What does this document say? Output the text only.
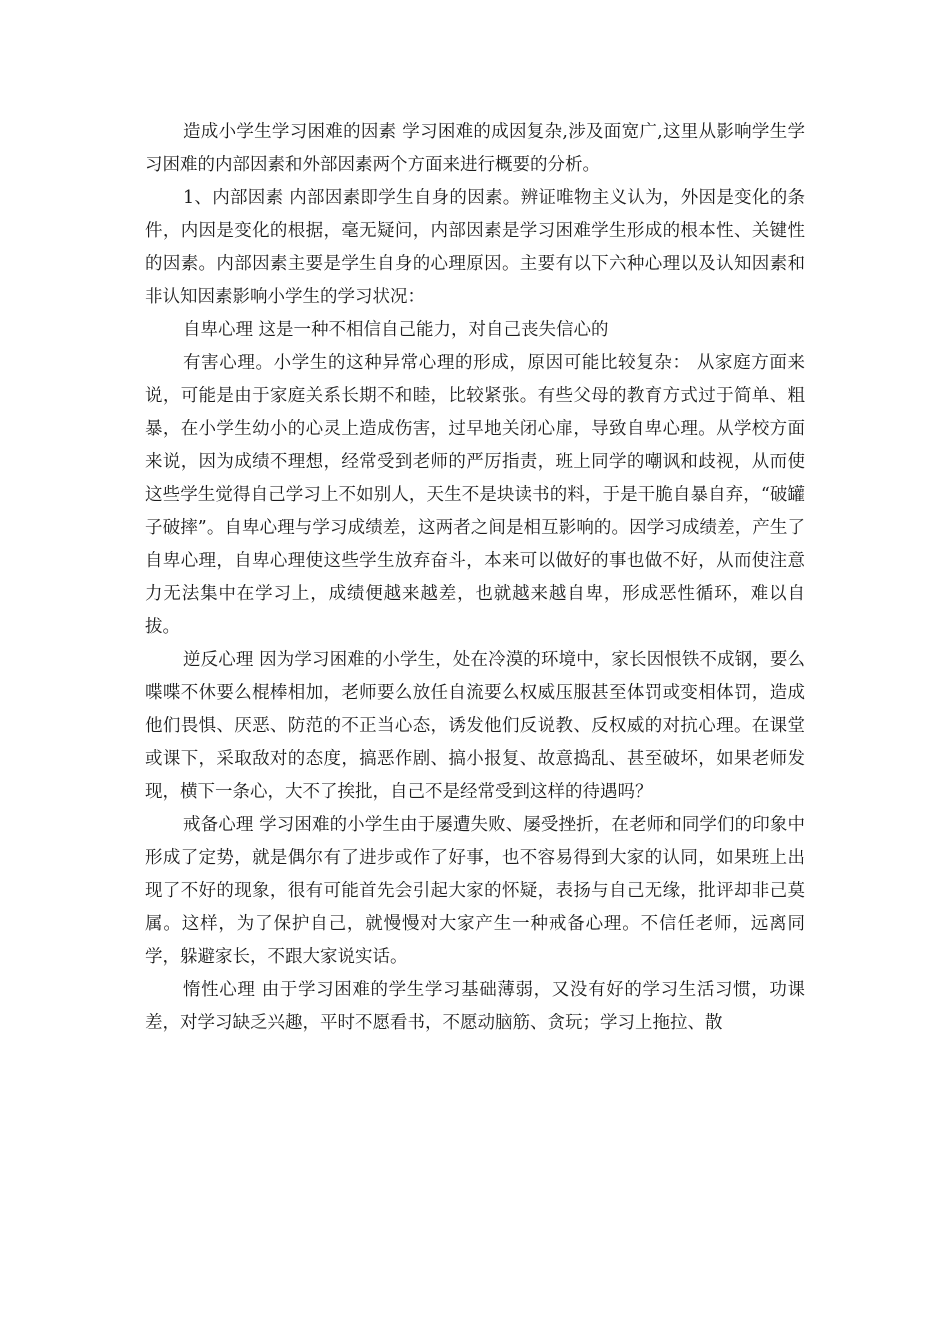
造成小学生学习困难的因素 学习困难的成因复杂,涉及面宽广,这里从影响学生学习困难的内部因素和外部因素两个方面来进行概要的分析。

1、内部因素 内部因素即学生自身的因素。辨证唯物主义认为，外因是变化的条件，内因是变化的根据，毫无疑问，内部因素是学习困难学生形成的根本性、关键性的因素。内部因素主要是学生自身的心理原因。主要有以下六种心理以及认知因素和非认知因素影响小学生的学习状况：

自卑心理 这是一种不相信自己能力，对自己丧失信心的

有害心理。小学生的这种异常心理的形成，原因可能比较复杂： 从家庭方面来说，可能是由于家庭关系长期不和睦，比较紧张。有些父母的教育方式过于简单、粗暴，在小学生幼小的心灵上造成伤害，过早地关闭心扉，导致自卑心理。从学校方面来说，因为成绩不理想，经常受到老师的严厉指责，班上同学的嘲讽和歧视，从而使这些学生觉得自己学习上不如别人，天生不是块读书的料，于是干脆自暴自弃，“破罐子破摔”。自卑心理与学习成绩差，这两者之间是相互影响的。因学习成绩差，产生了自卑心理，自卑心理使这些学生放弃奋斗，本来可以做好的事也做不好，从而使注意力无法集中在学习上，成绩便越来越差，也就越来越自卑，形成恶性循环，难以自拔。

逆反心理 因为学习困难的小学生，处在冷漠的环境中，家长因恨铁不成钢，要么喋喋不休要么棍棒相加，老师要么放任自流要么权威压服甚至体罚或变相体罚，造成他们畏惧、厌恶、防范的不正当心态，诱发他们反说教、反权威的对抗心理。在课堂或课下，采取敌对的态度，搞恶作剧、搞小报复、故意捣乱、甚至破坏，如果老师发现，横下一条心，大不了挨批，自己不是经常受到这样的待遇吗？

戒备心理 学习困难的小学生由于屡遭失败、屡受挫折，在老师和同学们的印象中形成了定势，就是偶尔有了进步或作了好事，也不容易得到大家的认同，如果班上出现了不好的现象，很有可能首先会引起大家的怀疑，表扬与自己无缘，批评却非己莫属。这样，为了保护自己，就慢慢对大家产生一种戒备心理。不信任老师，远离同学，躲避家长，不跟大家说实话。

惰性心理 由于学习困难的学生学习基础薄弱，又没有好的学习生活习惯，功课差，对学习缺乏兴趣，平时不愿看书，不愿动脑筋、贪玩；学习上拖拉、散
